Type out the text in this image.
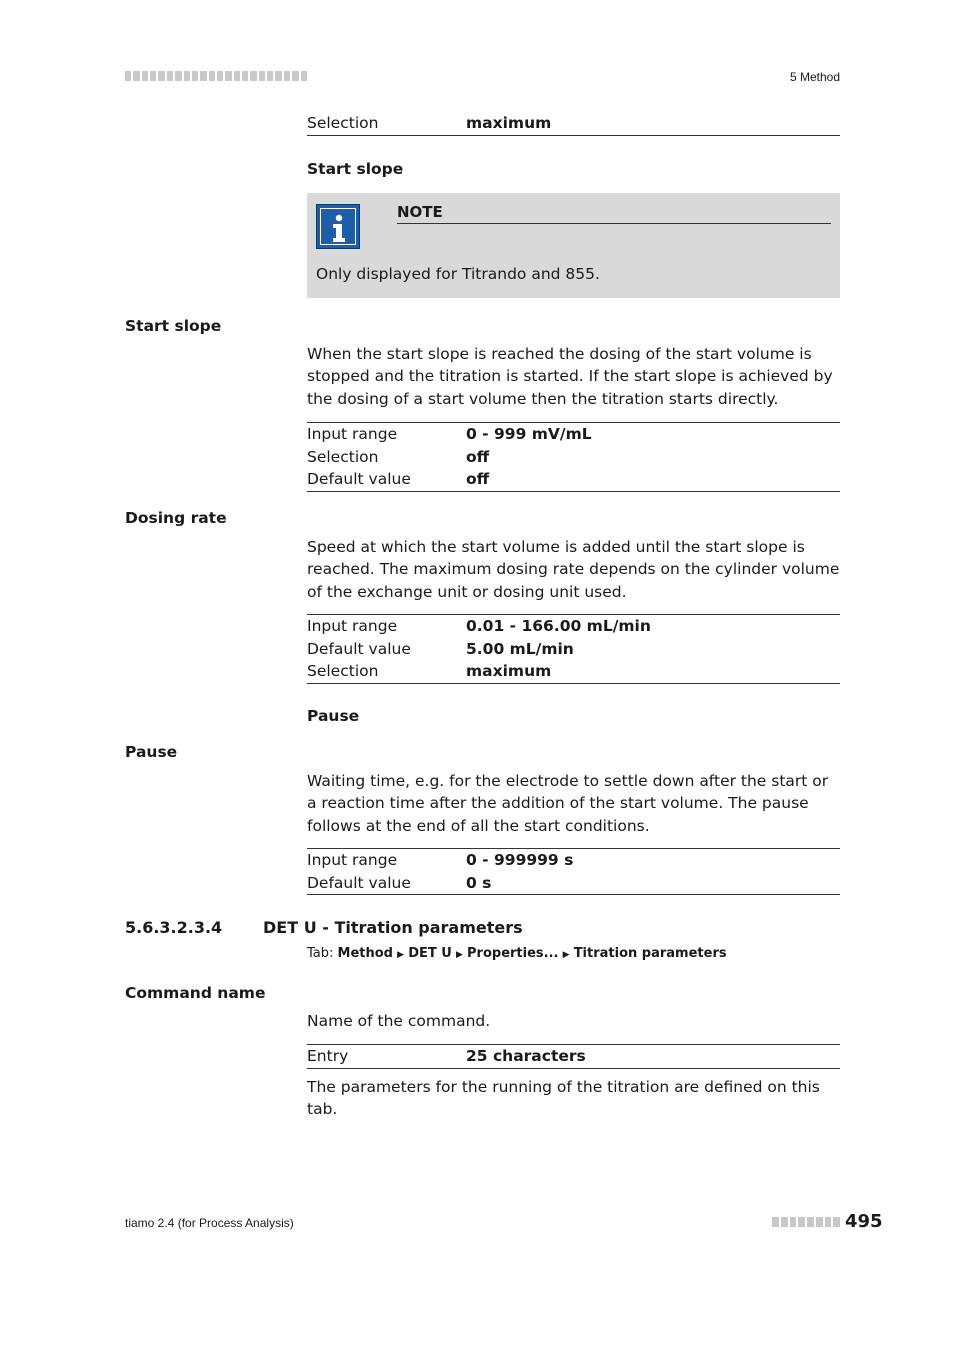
5 Method
Selection	maximum
Start slope
NOTE
Only displayed for Titrando and 855.
Start slope
When the start slope is reached the dosing of the start volume is stopped and the titration is started. If the start slope is achieved by the dosing of a start volume then the titration starts directly.
Input range	0 - 999 mV/mL
Selection	off
Default value	off
Dosing rate
Speed at which the start volume is added until the start slope is reached. The maximum dosing rate depends on the cylinder volume of the exchange unit or dosing unit used.
Input range	0.01 - 166.00 mL/min
Default value	5.00 mL/min
Selection	maximum
Pause
Pause
Waiting time, e.g. for the electrode to settle down after the start or a reaction time after the addition of the start volume. The pause follows at the end of all the start conditions.
Input range	0 - 999999 s
Default value	0 s
5.6.3.2.3.4	DET U - Titration parameters
Tab: Method ▶ DET U ▶ Properties... ▶ Titration parameters
Command name
Name of the command.
Entry	25 characters
The parameters for the running of the titration are defined on this tab.
tiamo 2.4 (for Process Analysis)	495
